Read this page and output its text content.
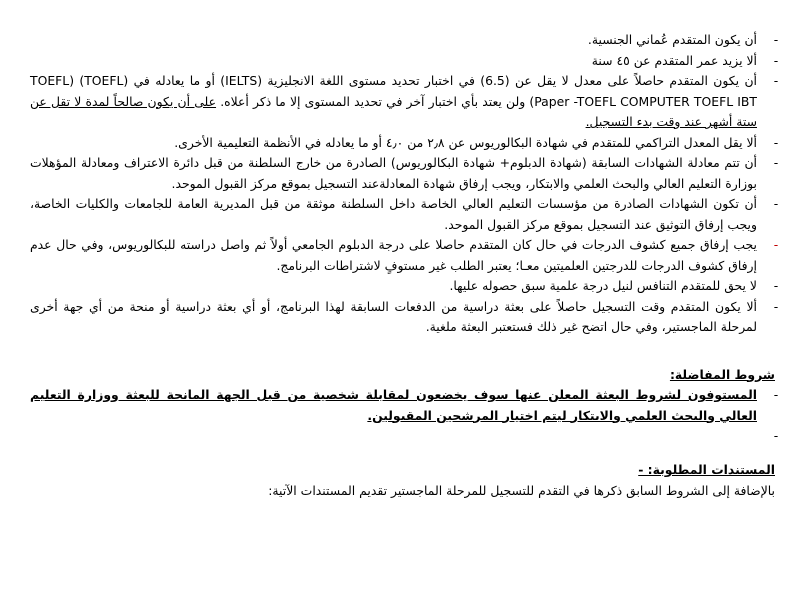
-
أن يكون المتقدم عُماني الجنسية.
-
ألا يزيد عمر المتقدم عن ٤٥ سنة
-
أن يكون المتقدم حاصلاً على معدل لا يقل عن (6.5) في اختبار تحديد مستوى اللغة الانجليزية (IELTS) أو ما يعادله في (TOEFL) (TOEFL Paper -TOEFL COMPUTER TOEFL IBT) ولن يعتد بأي اختبار آخر في تحديد المستوى إلا ما ذكر أعلاه. على أن يكون صالحاً لمدة لا تقل عن ستة أشهر عند وقت بدء التسجيل.
-
ألا يقل المعدل التراكمي للمتقدم في شهادة البكالوريوس عن ٢٫٨ من ٤٫٠ أو ما يعادله في الأنظمة التعليمية الأخرى.
-
أن تتم معادلة الشهادات السابقة (شهادة الدبلوم+ شهادة البكالوريوس) الصادرة من خارج السلطنة من قبل دائرة الاعتراف ومعادلة المؤهلات بوزارة التعليم العالي والبحث العلمي والابتكار، ويجب إرفاق شهادة المعادلةعند التسجيل بموقع مركز القبول الموحد.
-
أن تكون الشهادات الصادرة من مؤسسات التعليم العالي الخاصة داخل السلطنة موثقة من قبل المديرية العامة للجامعات والكليات الخاصة، ويجب إرفاق التوثيق عند التسجيل بموقع مركز القبول الموحد.
-
يجب إرفاق جميع كشوف الدرجات في حال كان المتقدم حاصلا على درجة الدبلوم الجامعي أولاً ثم واصل دراسته للبكالوريوس، وفي حال عدم إرفاق كشوف الدرجات للدرجتين العلميتين معـا؛ يعتبر الطلب غير مستوفٍ لاشتراطات البرنامج.
-
لا يحق للمتقدم التنافس لنيل درجة علمية سبق حصوله عليها.
-
ألا يكون المتقدم وقت التسجيل حاصلاً على بعثة دراسية من الدفعات السابقة لهذا البرنامج، أو أي بعثة دراسية أو منحة من أي جهة أخرى لمرحلة الماجستير، وفي حال اتضح غير ذلك فستعتبر البعثة ملغية.

شروط المفاضلة:

-
المستوفون لشروط البعثة المعلن عنها سوف يخضعون لمقابلة شخصية من قبل الجهة المانحة للبعثة ووزارة التعليم العالي والبحث العلمي والابتكار ليتم اختيار المرشحين المقبولين.
-

المستندات المطلوبة: -

بالإضافة إلى الشروط السابق ذكرها في التقدم للتسجيل للمرحلة الماجستير تقديم المستندات الآتية:
